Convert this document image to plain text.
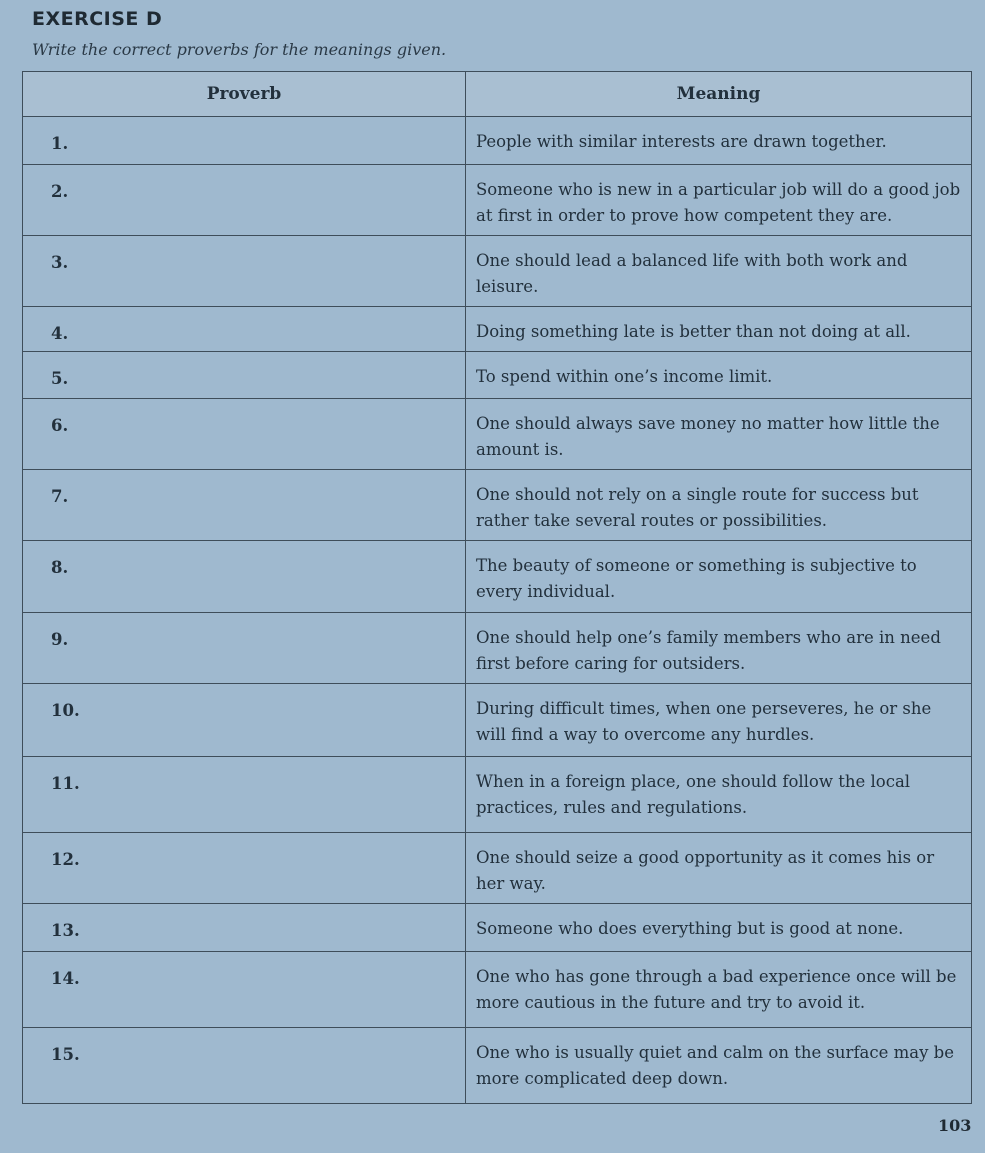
EXERCISE D
Write the correct proverbs for the meanings given.
Proverb	Meaning
1.	People with similar interests are drawn together.
2.	Someone who is new in a particular job will do a good job at first in order to prove how competent they are.
3.	One should lead a balanced life with both work and leisure.
4.	Doing something late is better than not doing at all.
5.	To spend within one’s income limit.
6.	One should always save money no matter how little the amount is.
7.	One should not rely on a single route for success but rather take several routes or possibilities.
8.	The beauty of someone or something is subjective to every individual.
9.	One should help one’s family members who are in need first before caring for outsiders.
10.	During difficult times, when one perseveres, he or she will find a way to overcome any hurdles.
11.	When in a foreign place, one should follow the local practices, rules and regulations.
12.	One should seize a good opportunity as it comes his or her way.
13.	Someone who does everything but is good at none.
14.	One who has gone through a bad experience once will be more cautious in the future and try to avoid it.
15.	One who is usually quiet and calm on the surface may be more complicated deep down.
103
